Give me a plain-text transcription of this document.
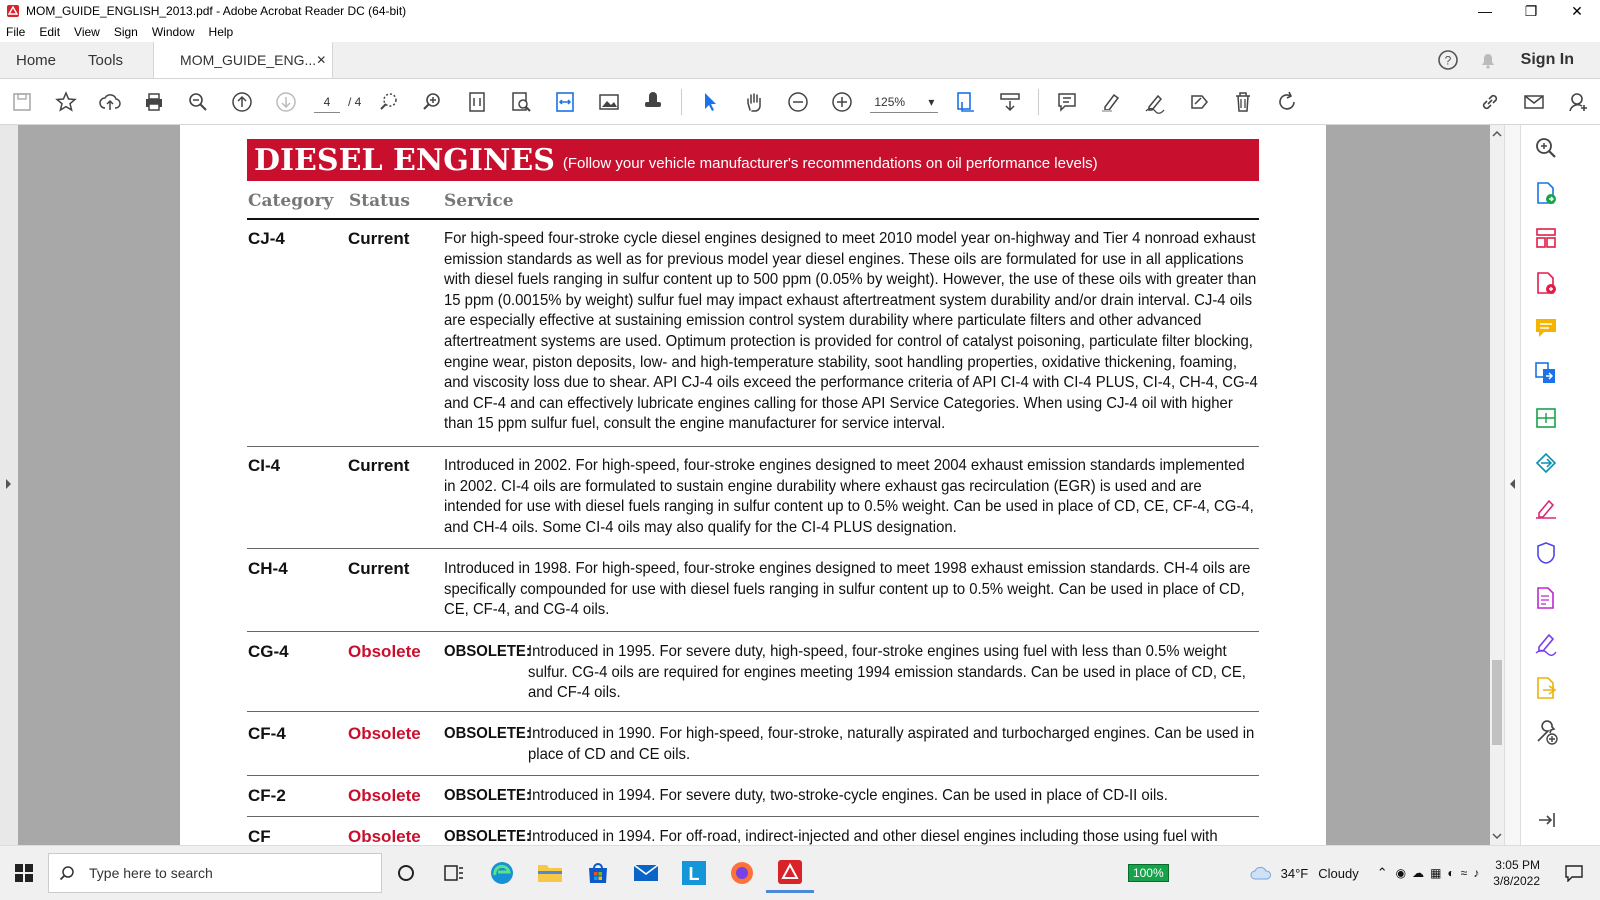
MOM_GUIDE_ENGLISH_2013.pdf - Adobe Acrobat Reader DC (64-bit)	—	❐	✕
File Edit View Sign Window Help
Home	Tools	MOM_GUIDE_ENG... ✕	?	Sign In
4	/ 4	125% ▾
DIESEL ENGINES (Follow your vehicle manufacturer's recommendations on oil performance levels)
Category Status Service
CJ-4	Current For high-speed four-stroke cycle diesel engines designed to meet 2010 model year on-highway and Tier 4 nonroad exhaust emission standards as well as for previous model year diesel engines. These oils are formulated for use in all applications with diesel fuels ranging in sulfur content up to 500 ppm (0.05% by weight). However, the use of these oils with greater than 15 ppm (0.0015% by weight) sulfur fuel may impact exhaust aftertreatment system durability and/or drain interval. CJ-4 oils are especially effective at sustaining emission control system durability where particulate filters and other advanced aftertreatment systems are used. Optimum protection is provided for control of catalyst poisoning, particulate filter blocking, engine wear, piston deposits, low- and high-temperature stability, soot handling properties, oxidative thickening, foaming, and viscosity loss due to shear. API CJ-4 oils exceed the performance criteria of API CI-4 with CI-4 PLUS, CI-4, CH-4, CG-4 and CF-4 and can effectively lubricate engines calling for those API Service Categories. When using CJ-4 oil with higher than 15 ppm sulfur fuel, consult the engine manufacturer for service interval.
CI-4	Current Introduced in 2002. For high-speed, four-stroke engines designed to meet 2004 exhaust emission standards implemented in 2002. CI-4 oils are formulated to sustain engine durability where exhaust gas recirculation (EGR) is used and are intended for use with diesel fuels ranging in sulfur content up to 0.5% weight. Can be used in place of CD, CE, CF-4, CG-4, and CH-4 oils. Some CI-4 oils may also qualify for the CI-4 PLUS designation.
CH-4	Current Introduced in 1998. For high-speed, four-stroke engines designed to meet 1998 exhaust emission standards. CH-4 oils are specifically compounded for use with diesel fuels ranging in sulfur content up to 0.5% weight. Can be used in place of CD, CE, CF-4, and CG-4 oils.
CG-4	Obsolete OBSOLETE:
Introduced in 1995. For severe duty, high-speed, four-stroke engines using fuel with less than 0.5% weight sulfur. CG-4 oils are required for engines meeting 1994 emission standards. Can be used in place of CD, CE, and CF-4 oils.
CF-4	Obsolete OBSOLETE:
Introduced in 1990. For high-speed, four-stroke, naturally aspirated and turbocharged engines. Can be used in place of CD and CE oils.
CF-2	Obsolete OBSOLETE:
Introduced in 1994. For severe duty, two-stroke-cycle engines. Can be used in place of CD-II oils.
CF	Obsolete OBSOLETE:
Introduced in 1994. For off-road, indirect-injected and other diesel engines including those using fuel with
Type here to search	L	100%	34°F Cloudy ⌃ ◉☁▦◐≈♪
3:05 PM
3/8/2022
